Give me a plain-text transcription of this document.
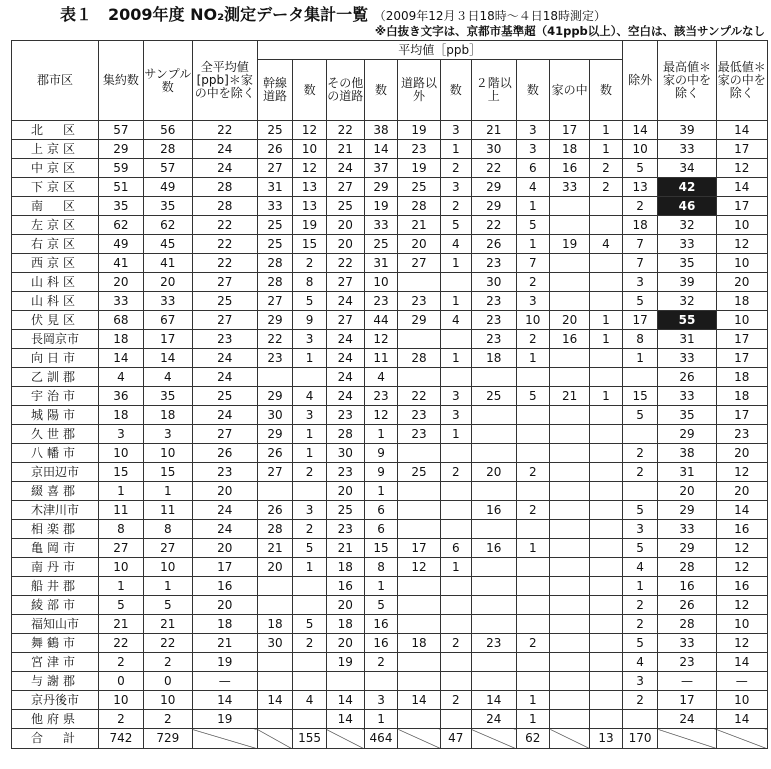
表１　2009年度 NO₂測定データ集計一覧 （2009年12月３日18時～４日18時測定）
※白抜き文字は、京都市基準超（41ppb以上）、空白は、該当サンプルなし
郡市区	集約数	サンプル数	全平均値[ppb]＊家の中を除く	平均値［ppb］										除外	最高値＊家の中を除く	最低値＊家の中を除く
				幹線道路	数	その他の道路	数	道路以外	数	２階以上	数	家の中	数			
北　区	57	56	22	25	12	22	38	19	3	21	3	17	1	14	39	14
上京区	29	28	24	26	10	21	14	23	1	30	3	18	1	10	33	17
中京区	59	57	24	27	12	24	37	19	2	22	6	16	2	5	34	12
下京区	51	49	28	31	13	27	29	25	3	29	4	33	2	13	42	14
南　区	35	35	28	33	13	25	19	28	2	29	1			2	46	17
左京区	62	62	22	25	19	20	33	21	5	22	5			18	32	10
右京区	49	45	22	25	15	20	25	20	4	26	1	19	4	7	33	12
西京区	41	41	22	28	2	22	31	27	1	23	7			7	35	10
山科区	20	20	27	28	8	27	10			30	2			3	39	20
山科区	33	33	25	27	5	24	23	23	1	23	3			5	32	18
伏見区	68	67	27	29	9	27	44	29	4	23	10	20	1	17	55	10
長岡京市	18	17	23	22	3	24	12			23	2	16	1	8	31	17
向日市	14	14	24	23	1	24	11	28	1	18	1			1	33	17
乙訓郡	4	4	24			24	4								26	18
宇治市	36	35	25	29	4	24	23	22	3	25	5	21	1	15	33	18
城陽市	18	18	24	30	3	23	12	23	3					5	35	17
久世郡	3	3	27	29	1	28	1	23	1						29	23
八幡市	10	10	26	26	1	30	9							2	38	20
京田辺市	15	15	23	27	2	23	9	25	2	20	2			2	31	12
綴喜郡	1	1	20			20	1								20	20
木津川市	11	11	24	26	3	25	6			16	2			5	29	14
相楽郡	8	8	24	28	2	23	6							3	33	16
亀岡市	27	27	20	21	5	21	15	17	6	16	1			5	29	12
南丹市	10	10	17	20	1	18	8	12	1					4	28	12
船井郡	1	1	16			16	1							1	16	16
綾部市	5	5	20			20	5							2	26	12
福知山市	21	21	18	18	5	18	16							2	28	10
舞鶴市	22	22	21	30	2	20	16	18	2	23	2			5	33	12
宮津市	2	2	19			19	2							4	23	14
与謝郡	0	0	—											3	—	—
京丹後市	10	10	14	14	4	14	3	14	2	14	1			2	17	10
他府県	2	2	19			14	1			24	1				24	14
合　計	742	729			155		464		47		62		13	170		
